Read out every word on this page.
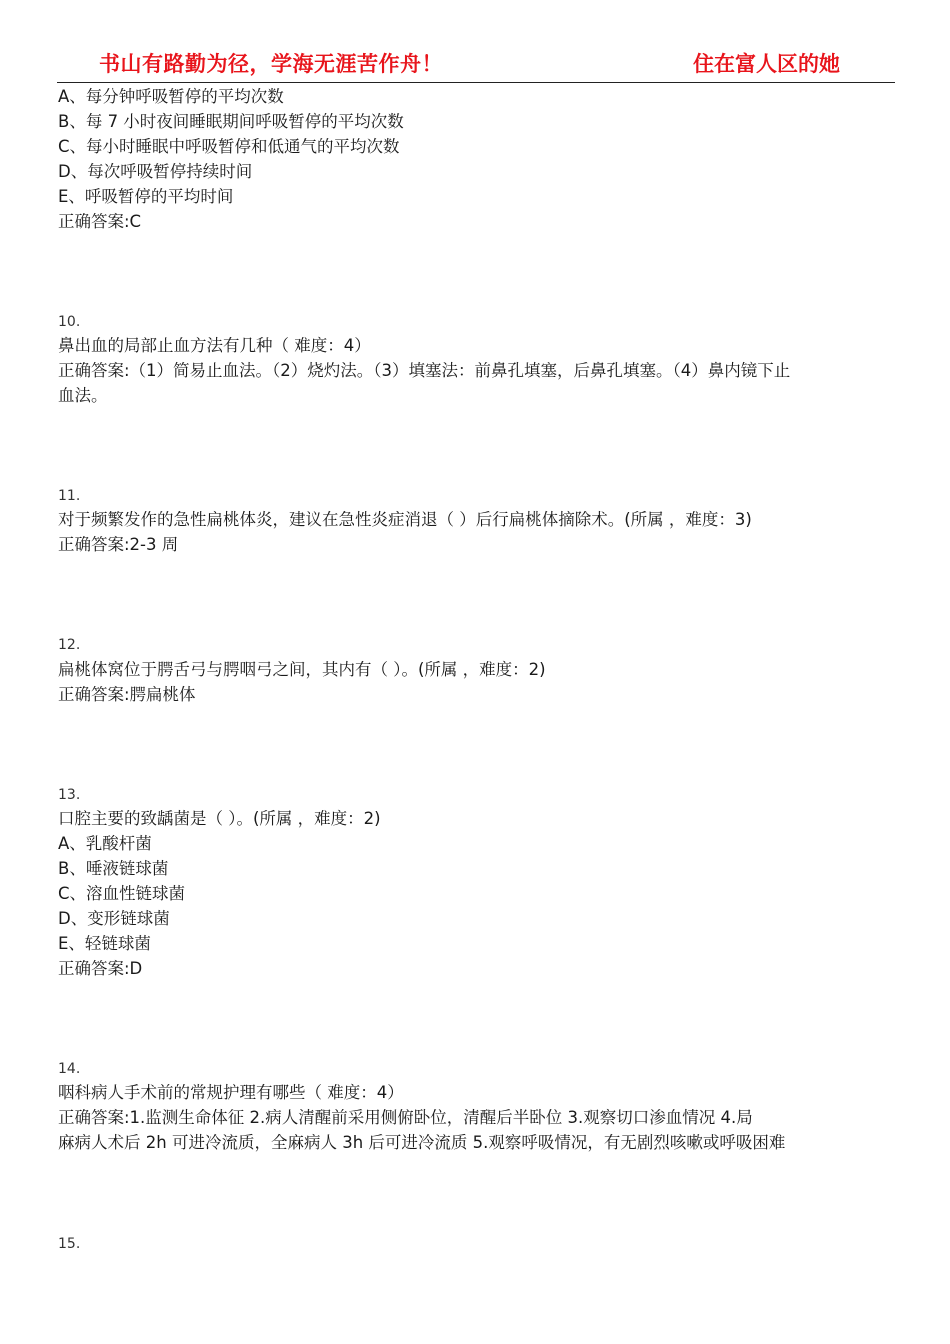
书山有路勤为径，学海无涯苦作舟！	住在富人区的她
A、每分钟呼吸暂停的平均次数
B、每 7 小时夜间睡眠期间呼吸暂停的平均次数
C、每小时睡眠中呼吸暂停和低通气的平均次数
D、每次呼吸暂停持续时间
E、呼吸暂停的平均时间
正确答案:C
10.
鼻出血的局部止血方法有几种（ 难度：4）
正确答案:（1）简易止血法。（2）烧灼法。（3）填塞法：前鼻孔填塞，后鼻孔填塞。（4）鼻内镜下止
血法。
11.
对于频繁发作的急性扁桃体炎，建议在急性炎症消退（ ）后行扁桃体摘除术。(所属 ，难度：3)
正确答案:2-3 周
12.
扁桃体窝位于腭舌弓与腭咽弓之间，其内有（ ）。(所属 ，难度：2)
正确答案:腭扁桃体
13.
口腔主要的致龋菌是（ ）。(所属 ，难度：2)
A、乳酸杆菌
B、唾液链球菌
C、溶血性链球菌
D、变形链球菌
E、轻链球菌
正确答案:D
14.
咽科病人手术前的常规护理有哪些（ 难度：4）
正确答案:1.监测生命体征 2.病人清醒前采用侧俯卧位，清醒后半卧位 3.观察切口渗血情况 4.局
麻病人术后 2h 可进冷流质，全麻病人 3h 后可进冷流质 5.观察呼吸情况，有无剧烈咳嗽或呼吸困难
15.
